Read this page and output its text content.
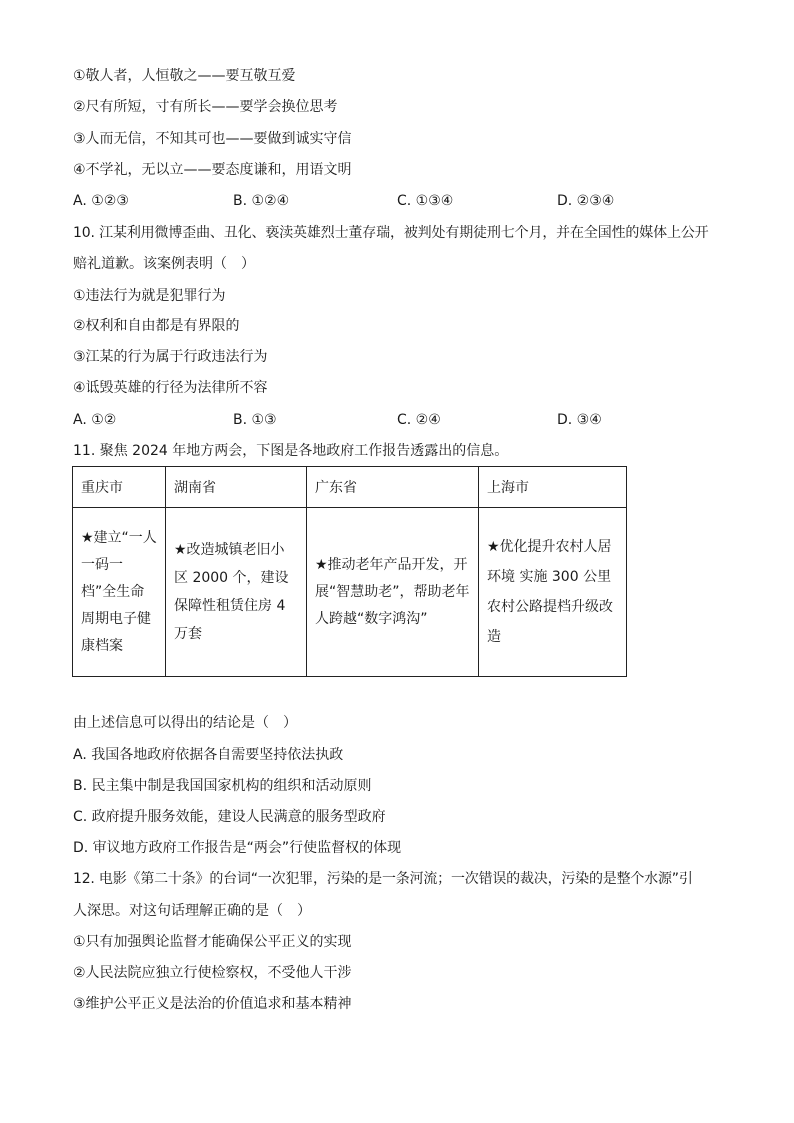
①敬人者，人恒敬之——要互敬互爱
②尺有所短，寸有所长——要学会换位思考
③人而无信，不知其可也——要做到诚实守信
④不学礼，无以立——要态度谦和，用语文明
A. ①②③	B. ①②④	C. ①③④	D. ②③④
10. 江某利用微博歪曲、丑化、亵渎英雄烈士董存瑞，被判处有期徒刑七个月，并在全国性的媒体上公开
赔礼道歉。该案例表明（　）
①违法行为就是犯罪行为
②权利和自由都是有界限的
③江某的行为属于行政违法行为
④诋毁英雄的行径为法律所不容
A. ①②	B. ①③	C. ②④	D. ③④
11. 聚焦 2024 年地方两会，下图是各地政府工作报告透露出的信息。
重庆市	湖南省	广东省	上海市

★建立“一人一码一档”全生命周期电子健康档案	★改造城镇老旧小区 2000 个，建设保障性租赁住房 4 万套	★推动老年产品开发，开展“智慧助老”，帮助老年人跨越“数字鸿沟”	★优化提升农村人居环境 实施 300 公里农村公路提档升级改造
由上述信息可以得出的结论是（　）
A. 我国各地政府依据各自需要坚持依法执政
B. 民主集中制是我国国家机构的组织和活动原则
C. 政府提升服务效能，建设人民满意的服务型政府
D. 审议地方政府工作报告是“两会”行使监督权的体现
12. 电影《第二十条》的台词“一次犯罪，污染的是一条河流；一次错误的裁决，污染的是整个水源”引
人深思。对这句话理解正确的是（　）
①只有加强舆论监督才能确保公平正义的实现
②人民法院应独立行使检察权，不受他人干涉
③维护公平正义是法治的价值追求和基本精神
